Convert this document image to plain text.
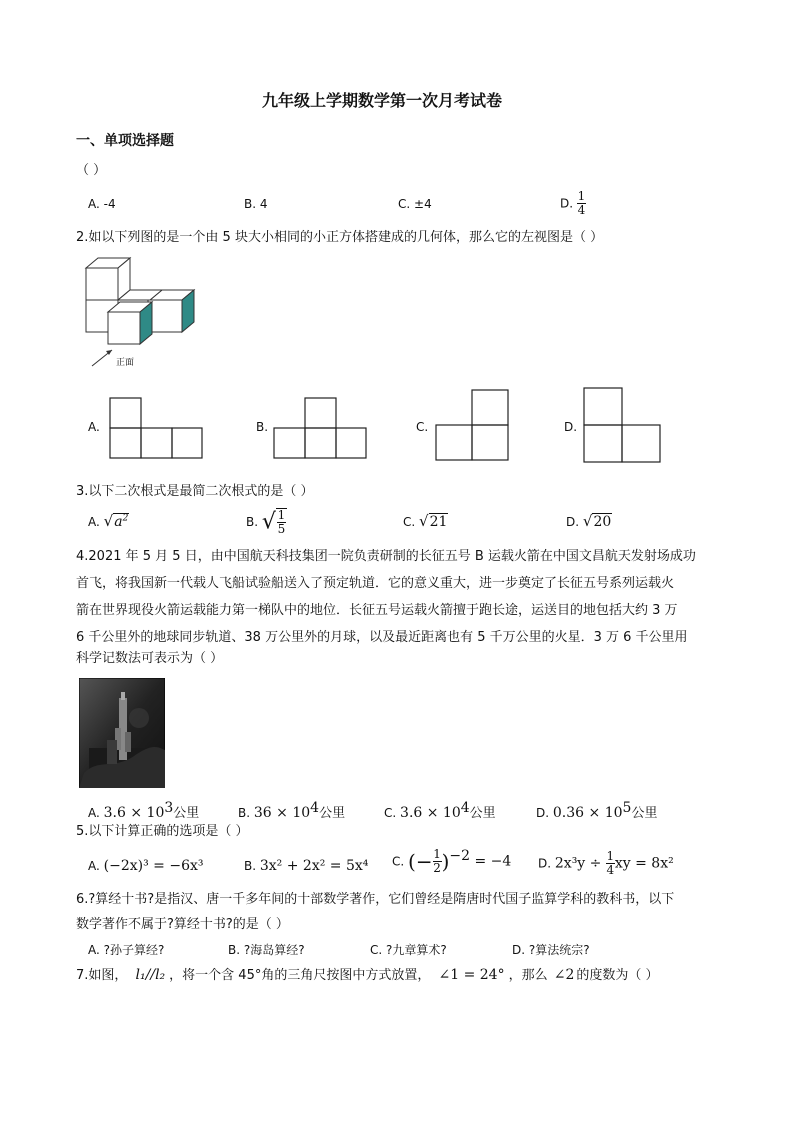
九年级上学期数学第一次月考试卷
一、单项选择题
（ ）
A. -4	B. 4	C. ±4	D. $\frac{1}{4}$
2.如以下列图的是一个由 5 块大小相同的小正方体搭建成的几何体，那么它的左视图是（ ）
正面
A.	B.	C.	D.
3.以下二次根式是最简二次根式的是（ ）
A. $√a^2$	B. √ $\frac{1}{5}$	C. √21	D. √20
4.2021 年 5 月 5 日，由中国航天科技集团一院负责研制的长征五号 B 运载火箭在中国文昌航天发射场成功
首飞，将我国新一代载人飞船试验船送入了预定轨道．它的意义重大，进一步奠定了长征五号系列运载火
箭在世界现役火箭运载能力第一梯队中的地位．长征五号运载火箭擅于跑长途，运送目的地包括大约 3 万
6 千公里外的地球同步轨道、38 万公里外的月球，以及最近距离也有 5 千万公里的火星．3 万 6 千公里用
科学记数法可表示为（ ）
A. $3.6 \times 10^3$公里	B. $36 \times 10^4$公里	C. $3.6 \times 10^4$公里	D. $0.36 \times 10^5$公里
5.以下计算正确的选项是（ ）
A. (−2x)³ = −6x³	B. 3x² + 2x² = 5x⁴ C. (− $\frac{1}{2} )^{-2} = -4$ D. $2x^3y \div \frac{1}{4}$ xy = 8x²
6.?算经十书?是指汉、唐一千多年间的十部数学著作，它们曾经是隋唐时代国子监算学科的教科书，以下
数学著作不属于?算经十书?的是（ ）
A. ?孙子算经?	B. ?海岛算经?	C. ?九章算术?	D. ?算法统宗?
7.如图， l₁//l₂ ，将一个含 45°角的三角尺按图中方式放置， ∠1 = 24° ，那么 ∠2 的度数为（ ）
